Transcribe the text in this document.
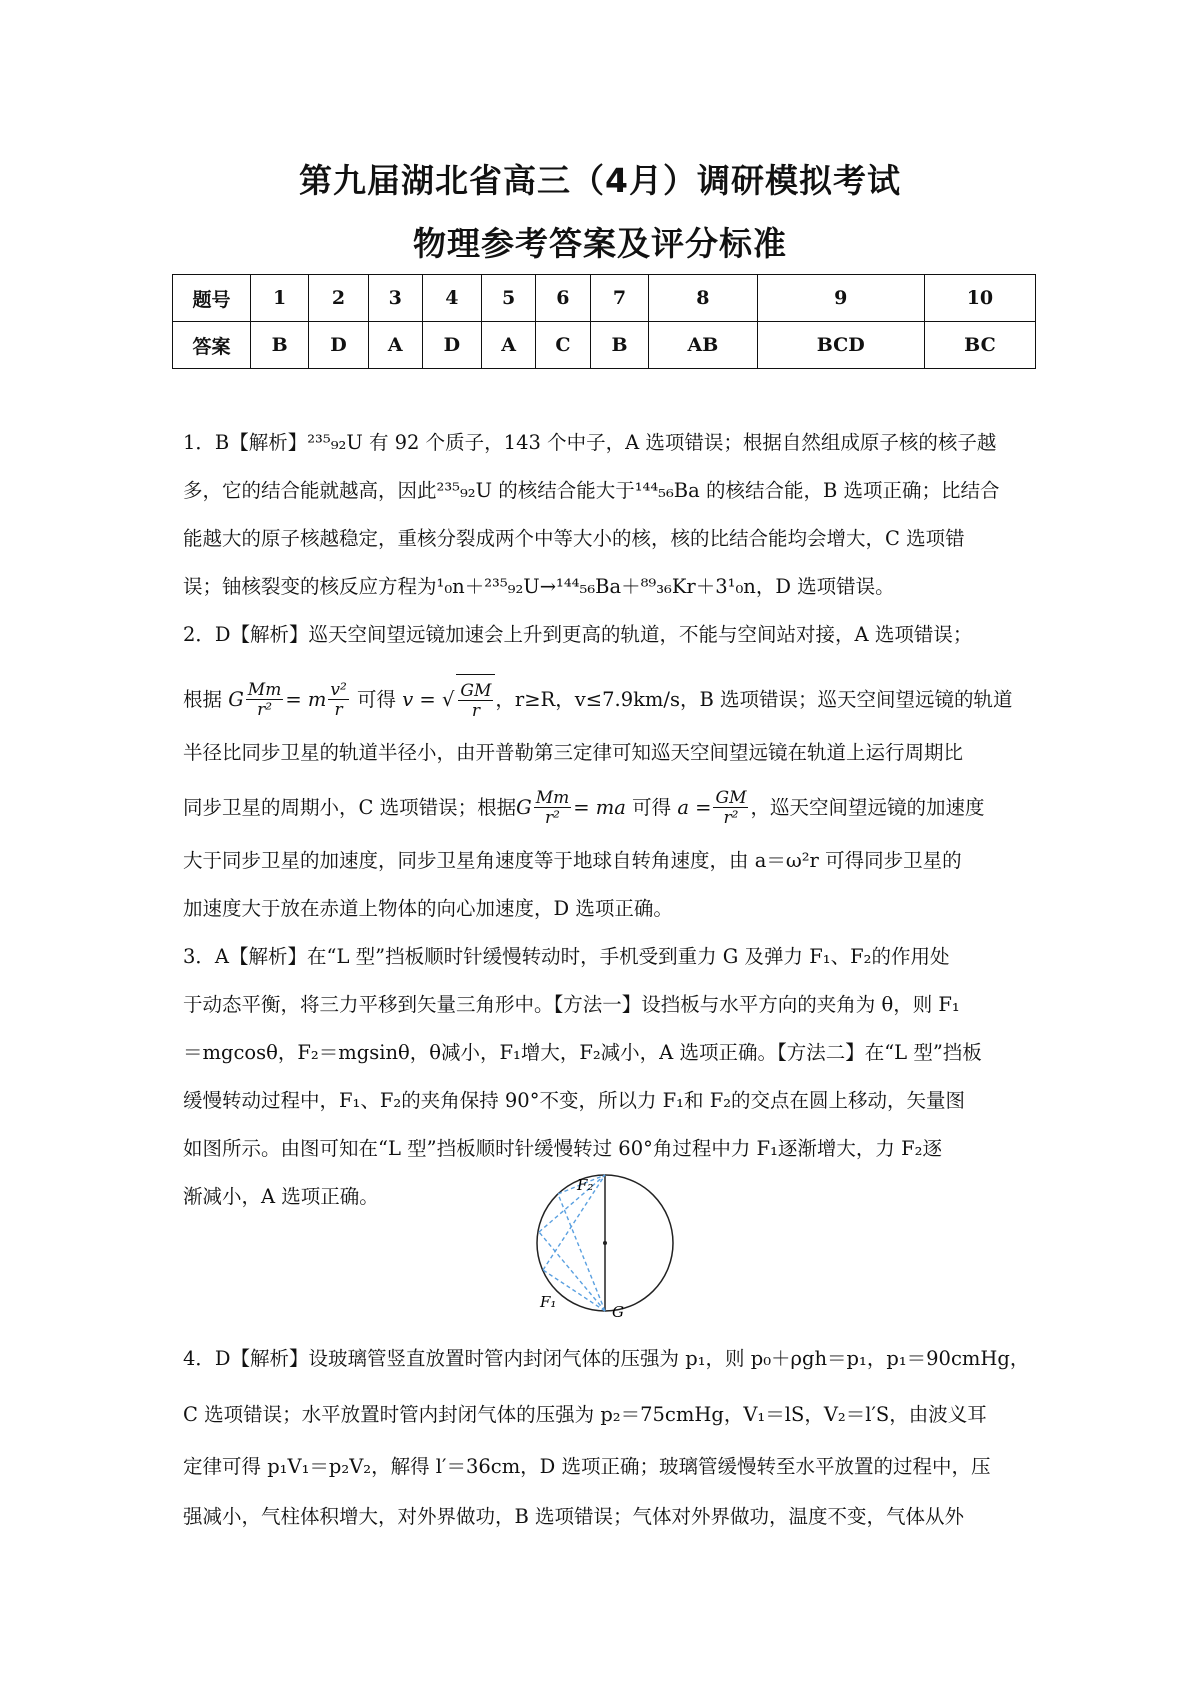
第九届湖北省高三（4月）调研模拟考试
物理参考答案及评分标准
题号	1	2	3	4	5	6	7	8	9	10
答案	B	D	A	D	A	C	B	AB	BCD	BC
1．B【解析】²³⁵₉₂U 有 92 个质子，143 个中子，A 选项错误；根据自然组成原子核的核子越
多，它的结合能就越高，因此²³⁵₉₂U 的核结合能大于¹⁴⁴₅₆Ba 的核结合能，B 选项正确；比结合
能越大的原子核越稳定，重核分裂成两个中等大小的核，核的比结合能均会增大，C 选项错
误；铀核裂变的核反应方程为¹₀n＋²³⁵₉₂U→¹⁴⁴₅₆Ba＋⁸⁹₃₆Kr＋3¹₀n，D 选项错误。
2．D【解析】巡天空间望远镜加速会上升到更高的轨道，不能与空间站对接，A 选项错误；
根据 G $\frac{Mm}{\text{r²}} = m \frac{\text{v²}}{r}$ 可得 v = √ $\frac{GM}{r}$ ，r≥R，v≤7.9km/s，B 选项错误；巡天空间望远镜的轨道
半径比同步卫星的轨道半径小，由开普勒第三定律可知巡天空间望远镜在轨道上运行周期比
同步卫星的周期小，C 选项错误；根据G $\frac{Mm}{\text{r²}}$ = ma 可得 $a = \frac{GM}{\text{r²}}$ ，巡天空间望远镜的加速度
大于同步卫星的加速度，同步卫星角速度等于地球自转角速度，由 a＝ω²r 可得同步卫星的
加速度大于放在赤道上物体的向心加速度，D 选项正确。
3．A【解析】在“L 型”挡板顺时针缓慢转动时，手机受到重力 G 及弹力 F₁、F₂的作用处
于动态平衡，将三力平移到矢量三角形中。【方法一】设挡板与水平方向的夹角为 θ，则 F₁
＝mgcosθ，F₂＝mgsinθ，θ减小，F₁增大，F₂减小，A 选项正确。【方法二】在“L 型”挡板
缓慢转动过程中，F₁、F₂的夹角保持 90°不变，所以力 F₁和 F₂的交点在圆上移动，矢量图
如图所示。由图可知在“L 型”挡板顺时针缓慢转过 60°角过程中力 F₁逐渐增大，力 F₂逐
渐减小，A 选项正确。	F₂
F₁
G
4．D【解析】设玻璃管竖直放置时管内封闭气体的压强为 p₁，则 p₀＋ρgh＝p₁，p₁＝90cmHg，
C 选项错误；水平放置时管内封闭气体的压强为 p₂＝75cmHg，V₁＝lS，V₂＝l′S，由波义耳
定律可得 p₁V₁＝p₂V₂，解得 l′＝36cm，D 选项正确；玻璃管缓慢转至水平放置的过程中，压
强减小，气柱体积增大，对外界做功，B 选项错误；气体对外界做功，温度不变，气体从外
